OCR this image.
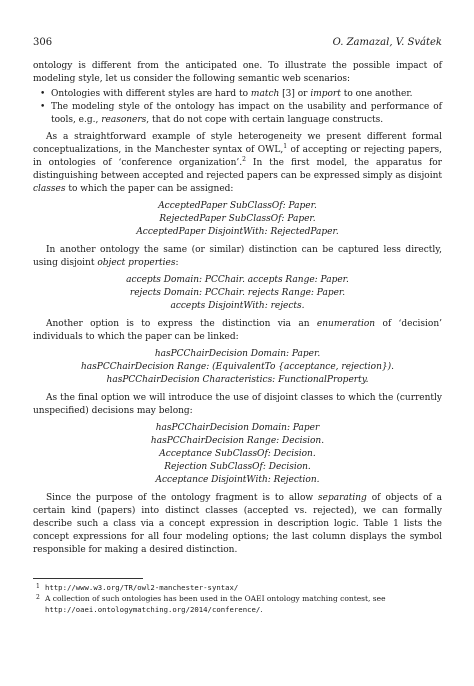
306	O. Zamazal, V. Svátek

ontology is different from the anticipated one. To illustrate the possible impact of modeling style, let us consider the following semantic web scenarios:

• Ontologies with different styles are hard to match [3] or import to one another.
• The modeling style of the ontology has impact on the usability and performance of tools, e.g., reasoners, that do not cope with certain language constructs.

As a straightforward example of style heterogeneity we present different formal conceptualizations, in the Manchester syntax of OWL,$^1$ of accepting or rejecting papers, in ontologies of ‘conference organization’.$^2$ In the first model, the apparatus for distinguishing between accepted and rejected papers can be expressed simply as disjoint classes to which the paper can be assigned:

AcceptedPaper SubClassOf: Paper.
RejectedPaper SubClassOf: Paper.
AcceptedPaper DisjointWith: RejectedPaper.

In another ontology the same (or similar) distinction can be captured less directly, using disjoint object properties:

accepts Domain: PCChair. accepts Range: Paper.
rejects Domain: PCChair. rejects Range: Paper.
accepts DisjointWith: rejects.

Another option is to express the distinction via an enumeration of ‘decision’ individuals to which the paper can be linked:

hasPCChairDecision Domain: Paper.
hasPCChairDecision Range: (EquivalentTo {acceptance, rejection}).
hasPCChairDecision Characteristics: FunctionalProperty.

As the final option we will introduce the use of disjoint classes to which the (currently unspecified) decisions may belong:

hasPCChairDecision Domain: Paper
hasPCChairDecision Range: Decision.
Acceptance SubClassOf: Decision.
Rejection SubClassOf: Decision.
Acceptance DisjointWith: Rejection.

Since the purpose of the ontology fragment is to allow separating of objects of a certain kind (papers) into distinct classes (accepted vs. rejected), we can formally describe such a class via a concept expression in description logic. Table 1 lists the concept expressions for all four modeling options; the last column displays the symbol responsible for making a desired distinction.

1 http://www.w3.org/TR/owl2-manchester-syntax/
2 A collection of such ontologies has been used in the OAEI ontology matching contest, see http://oaei.ontologymatching.org/2014/conference/.
